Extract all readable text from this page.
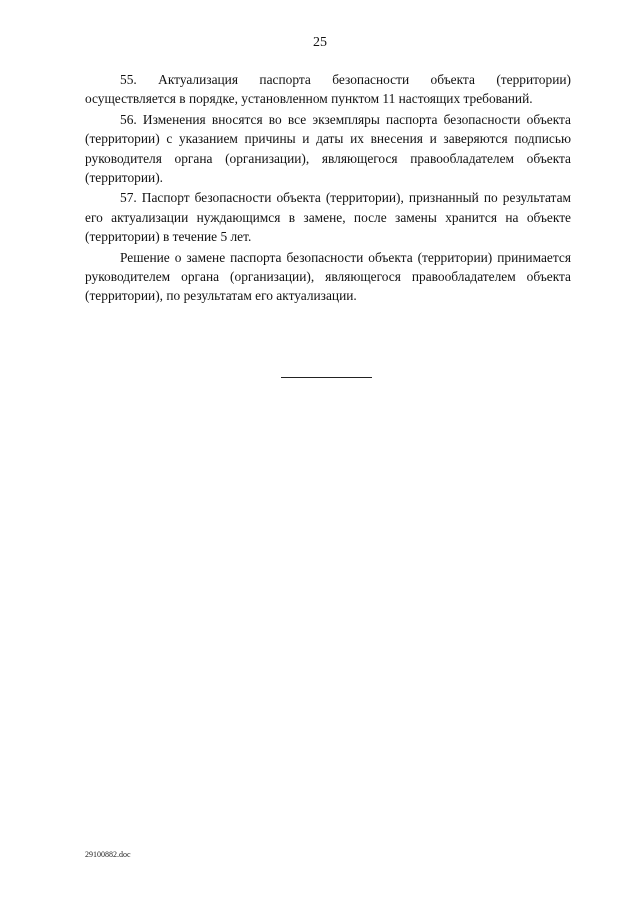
25

55. Актуализация паспорта безопасности объекта (территории) осуществляется в порядке, установленном пунктом 11 настоящих требований.

56. Изменения вносятся во все экземпляры паспорта безопасности объекта (территории) с указанием причины и даты их внесения и заверяются подписью руководителя органа (организации), являющегося правообладателем объекта (территории).

57. Паспорт безопасности объекта (территории), признанный по результатам его актуализации нуждающимся в замене, после замены хранится на объекте (территории) в течение 5 лет.

Решение о замене паспорта безопасности объекта (территории) принимается руководителем органа (организации), являющегося правообладателем объекта (территории), по результатам его актуализации.

29100882.doc
